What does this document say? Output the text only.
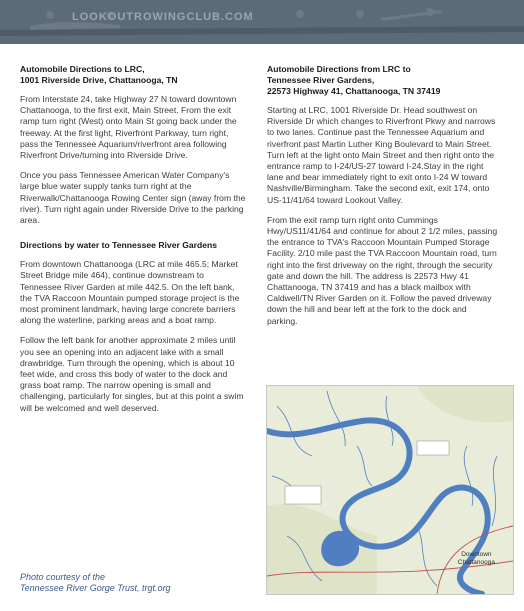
LOOKOUTROWINGCLUB.COM
Automobile Directions to LRC,
1001 Riverside Drive, Chattanooga, TN

From Interstate 24, take Highway 27 N toward downtown Chattanooga, to the first exit, Main Street. From the exit ramp turn right (West) onto Main St going back under the freeway. At the first light, Riverfront Parkway, turn right, pass the Tennessee Aquarium/riverfront area following Riverfront Drive/turning into Riverside Drive.

Once you pass Tennessee American Water Company's large blue water supply tanks turn right at the Riverwalk/Chattanooga Rowing Center sign (away from the river). Turn right again under Riverside Drive to the parking area.

Directions by water to Tennessee River Gardens

From downtown Chattanooga (LRC at mile 465.5; Market Street Bridge mile 464), continue downstream to Tennessee River Garden at mile 442.5. On the left bank, the TVA Raccoon Mountain pumped storage project is the most prominent landmark, having large concrete barriers along the waterline, parking areas and a boat ramp.

Follow the left bank for another approximate 2 miles until you see an opening into an adjacent lake with a small drawbridge. Turn through the opening, which is about 10 feet wide, and cross this body of water to the dock and grass boat ramp. The narrow opening is small and challenging, particularly for singles, but at this point a swim will be welcomed and well deserved.

Automobile Directions from LRC to
Tennessee River Gardens,
22573 Highway 41, Chattanooga, TN 37419

Starting at LRC, 1001 Riverside Dr. Head southwest on Riverside Dr which changes to Riverfront Pkwy and narrows to two lanes. Continue past the Tennessee Aquarium and riverfront past Martin Luther King Boulevard to Main Street. Turn left at the light onto Main Street and then right onto the entrance ramp to I-24/US-27 toward I-24.Stay in the right lane and bear immediately right to exit onto I-24 W toward Nashville/Birmingham. Take the second exit, exit 174, onto US-11/41/64 toward Lookout Valley.

From the exit ramp turn right onto Cummings Hwy/US11/41/64 and continue for about 2 1/2 miles, passing the entrance to TVA's Raccoon Mountain Pumped Storage Facility. 2/10 mile past the TVA Raccoon Mountain road, turn right into the first driveway on the right, through the security gate and down the hill. The address is 22573 Hwy 41 Chattanooga, TN 37419 and has a black mailbox with Caldwell/TN River Garden on it. Follow the paved driveway down the hill and bear left at the fork to the dock and parking.

Downtown
Chattanooga
Photo courtesy of the
Tennessee River Gorge Trust, trgt.org
